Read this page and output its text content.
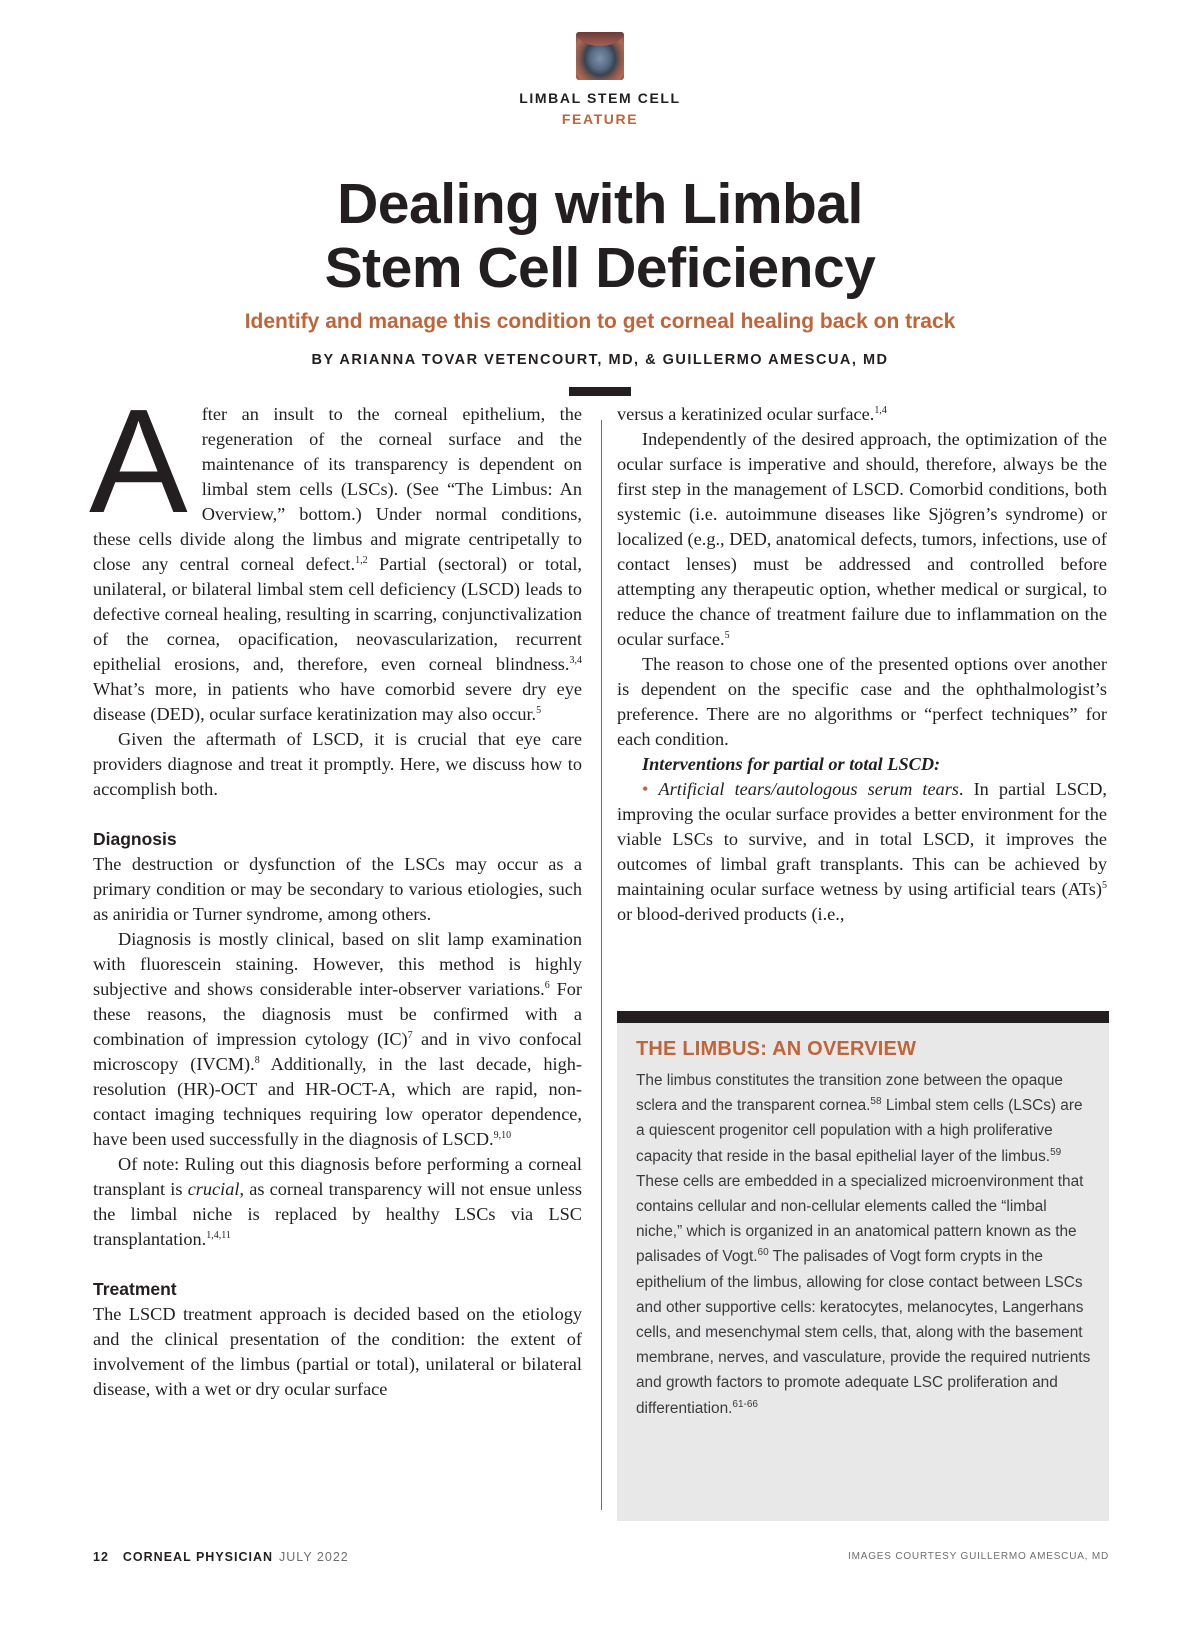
LIMBAL STEM CELL
FEATURE
Dealing with Limbal
Stem Cell Deficiency
Identify and manage this condition to get corneal healing back on track
BY ARIANNA TOVAR VETENCOURT, MD, & GUILLERMO AMESCUA, MD

After an insult to the corneal epithelium, the regeneration of the corneal surface and the maintenance of its transparency is dependent on limbal stem cells (LSCs). (See “The Limbus: An Overview,” bottom.) Under normal conditions, these cells divide along the limbus and migrate centripetally to close any central corneal defect.$^{1,2}$ Partial (sectoral) or total, unilateral, or bilateral limbal stem cell deficiency (LSCD) leads to defective corneal healing, resulting in scarring, conjunctivalization of the cornea, opacification, neovascularization, recurrent epithelial erosions, and, therefore, even corneal blindness.$^{3,4}$ What’s more, in patients who have comorbid severe dry eye disease (DED), ocular surface keratinization may also occur.$^5$

Given the aftermath of LSCD, it is crucial that eye care providers diagnose and treat it promptly. Here, we discuss how to accomplish both.

Diagnosis

The destruction or dysfunction of the LSCs may occur as a primary condition or may be secondary to various etiologies, such as aniridia or Turner syndrome, among others.

Diagnosis is mostly clinical, based on slit lamp examination with fluorescein staining. However, this method is highly subjective and shows considerable inter-observer variations.$^6$ For these reasons, the diagnosis must be confirmed with a combination of impression cytology (IC)$^7$ and in vivo confocal microscopy (IVCM).$^8$ Additionally, in the last decade, high-resolution (HR)-OCT and HR-OCT-A, which are rapid, non-contact imaging techniques requiring low operator dependence, have been used successfully in the diagnosis of LSCD.$^{9,10}$

Of note: Ruling out this diagnosis before performing a corneal transplant is crucial, as corneal transparency will not ensue unless the limbal niche is replaced by healthy LSCs via LSC transplantation.$^{1,4,11}$

Treatment

The LSCD treatment approach is decided based on the etiology and the clinical presentation of the condition: the extent of involvement of the limbus (partial or total), unilateral or bilateral disease, with a wet or dry ocular surface

versus a keratinized ocular surface.$^{1,4}$

Independently of the desired approach, the optimization of the ocular surface is imperative and should, therefore, always be the first step in the management of LSCD. Comorbid conditions, both systemic (i.e. autoimmune diseases like Sjögren’s syndrome) or localized (e.g., DED, anatomical defects, tumors, infections, use of contact lenses) must be addressed and controlled before attempting any therapeutic option, whether medical or surgical, to reduce the chance of treatment failure due to inflammation on the ocular surface.$^5$

The reason to chose one of the presented options over another is dependent on the specific case and the ophthalmologist’s preference. There are no algorithms or “perfect techniques” for each condition.

Interventions for partial or total LSCD:

• Artificial tears/autologous serum tears. In partial LSCD, improving the ocular surface provides a better environment for the viable LSCs to survive, and in total LSCD, it improves the outcomes of limbal graft transplants. This can be achieved by maintaining ocular surface wetness by using artificial tears (ATs)$^5$ or blood-derived products (i.e.,

THE LIMBUS: AN OVERVIEW
The limbus constitutes the transition zone between the opaque sclera and the transparent cornea.$^{58}$ Limbal stem cells (LSCs) are a quiescent progenitor cell population with a high proliferative capacity that reside in the basal epithelial layer of the limbus.$^{59}$ These cells are embedded in a specialized microenvironment that contains cellular and non-cellular elements called the “limbal niche,” which is organized in an anatomical pattern known as the palisades of Vogt.$^{60}$ The palisades of Vogt form crypts in the epithelium of the limbus, allowing for close contact between LSCs and other supportive cells: keratocytes, melanocytes, Langerhans cells, and mesenchymal stem cells, that, along with the basement membrane, nerves, and vasculature, provide the required nutrients and growth factors to promote adequate LSC proliferation and differentiation.$^{61-66}$
12 CORNEAL PHYSICIAN JULY 2022	IMAGES COURTESY GUILLERMO AMESCUA, MD
